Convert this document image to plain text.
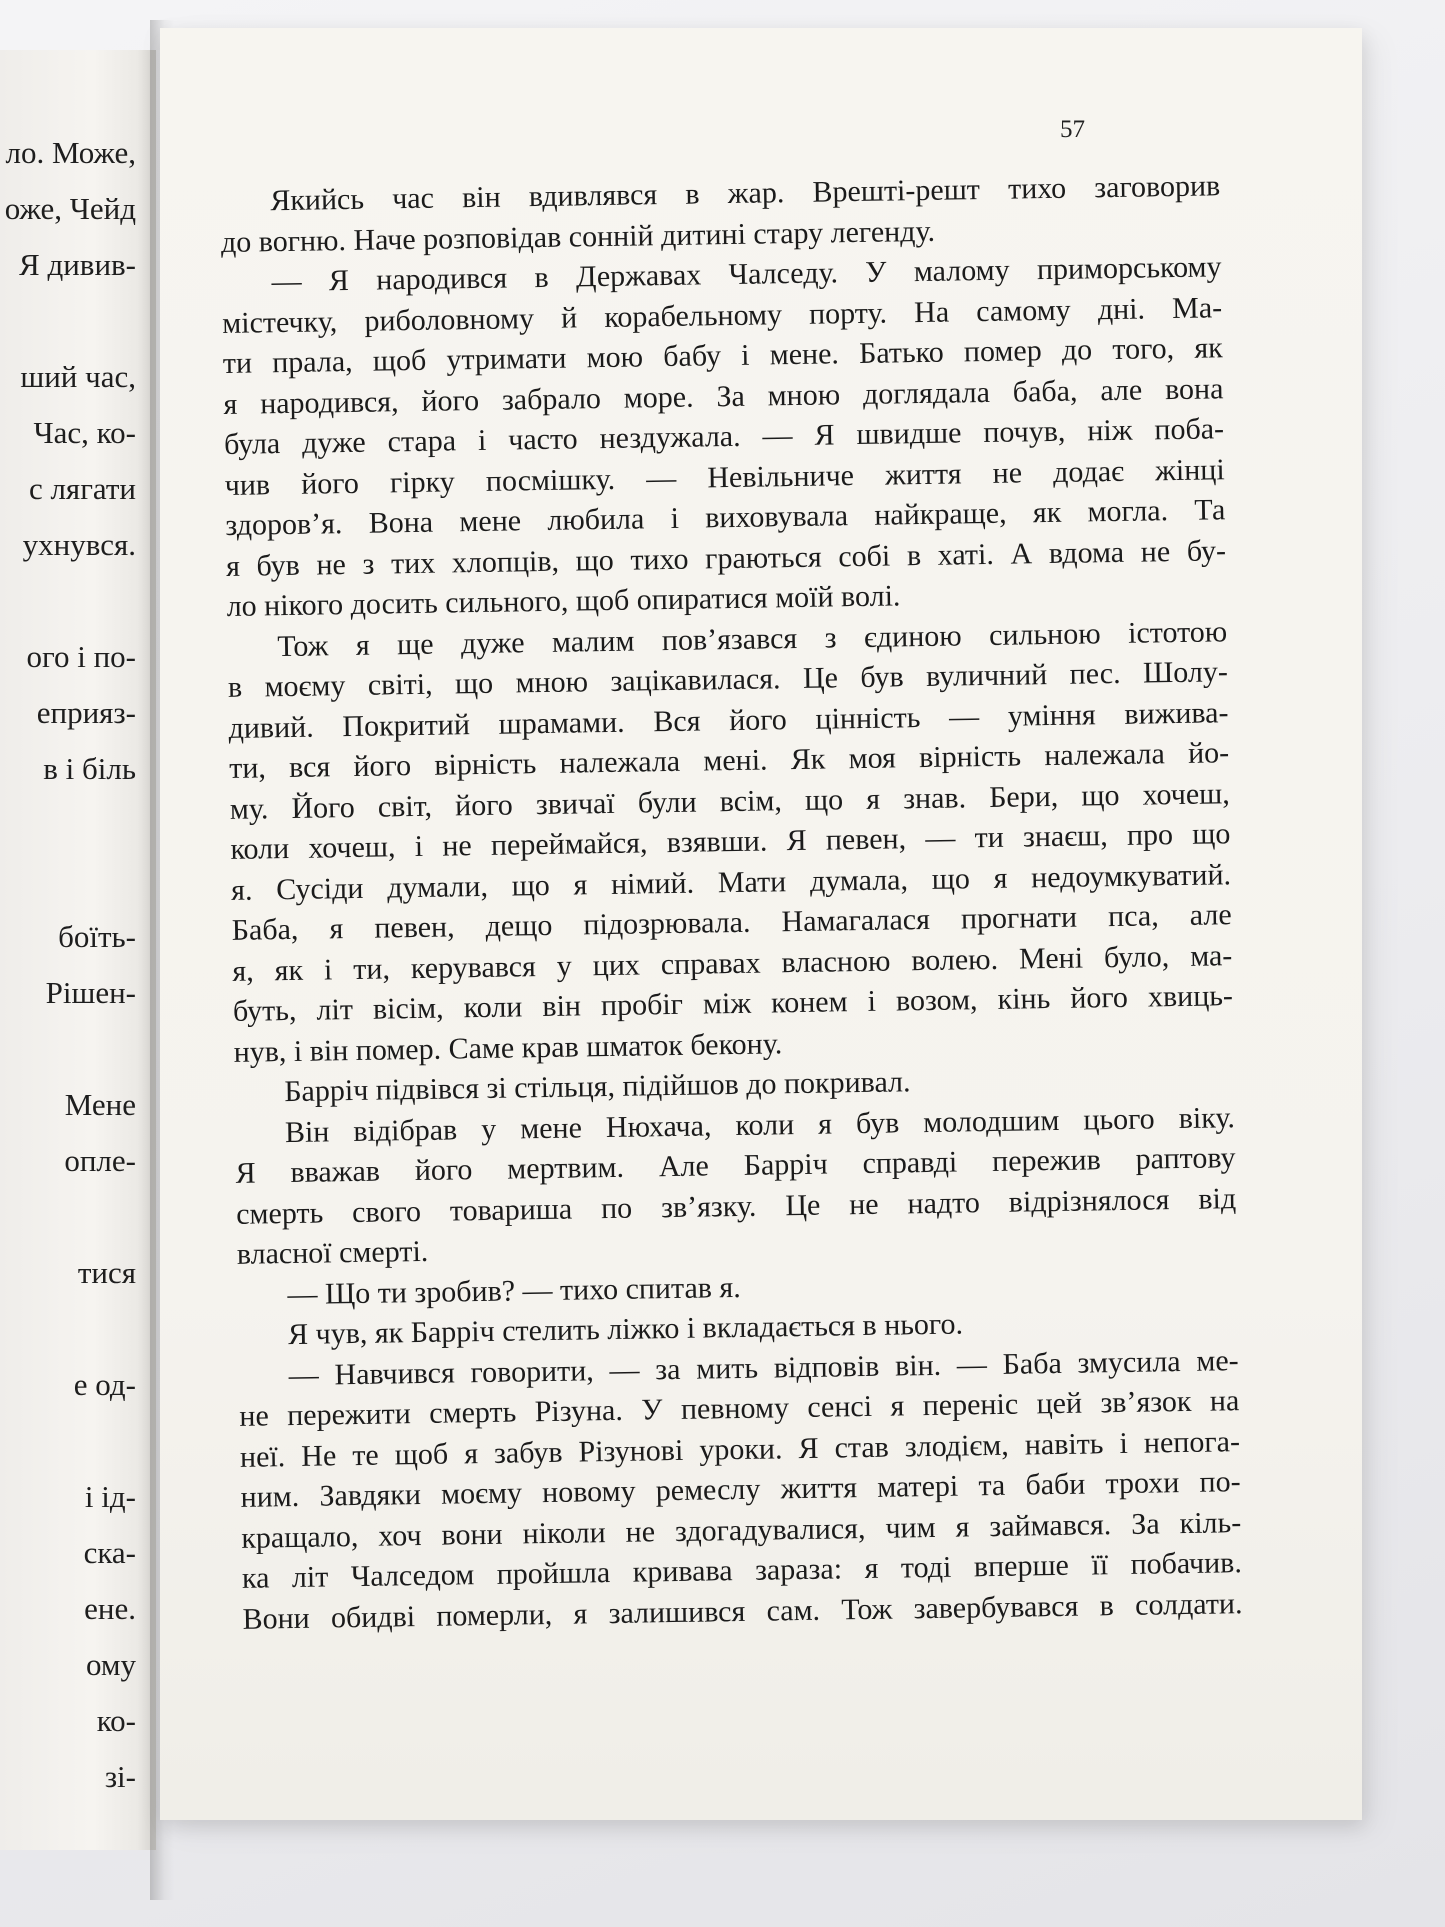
ло. Може,
оже, Чейд
Я дивив-
ший час,
Час, ко-
с лягати
ухнувся.
ого і по-
еприяз-
в і біль
боїть-
Рішен-
Мене
опле-
тися
е од-
і ід-
ска-
ене.
ому
ко-
зі-
57
Якийсь час він вдивлявся в жар. Врешті-решт тихо заговорив
до вогню. Наче розповідав сонній дитині стару легенду.
— Я народився в Державах Чалседу. У малому приморському
містечку, риболовному й корабельному порту. На самому дні. Ма-
ти прала, щоб утримати мою бабу і мене. Батько помер до того, як
я народився, його забрало море. За мною доглядала баба, але вона
була дуже стара і часто нездужала. — Я швидше почув, ніж поба-
чив його гірку посмішку. — Невільниче життя не додає жінці
здоров’я. Вона мене любила і виховувала найкраще, як могла. Та
я був не з тих хлопців, що тихо граються собі в хаті. А вдома не бу-
ло нікого досить сильного, щоб опиратися моїй волі.
Тож я ще дуже малим пов’язався з єдиною сильною істотою
в моєму світі, що мною зацікавилася. Це був вуличний пес. Шолу-
дивий. Покритий шрамами. Вся його цінність — уміння вижива-
ти, вся його вірність належала мені. Як моя вірність належала йо-
му. Його світ, його звичаї були всім, що я знав. Бери, що хочеш,
коли хочеш, і не переймайся, взявши. Я певен, — ти знаєш, про що
я. Сусіди думали, що я німий. Мати думала, що я недоумкуватий.
Баба, я певен, дещо підозрювала. Намагалася прогнати пса, але
я, як і ти, керувався у цих справах власною волею. Мені було, ма-
буть, літ вісім, коли він пробіг між конем і возом, кінь його хвиць-
нув, і він помер. Саме крав шматок бекону.
Барріч підвівся зі стільця, підійшов до покривал.
Він відібрав у мене Нюхача, коли я був молодшим цього віку.
Я вважав його мертвим. Але Барріч справді пережив раптову
смерть свого товариша по зв’язку. Це не надто відрізнялося від
власної смерті.
— Що ти зробив? — тихо спитав я.
Я чув, як Барріч стелить ліжко і вкладається в нього.
— Навчився говорити, — за мить відповів він. — Баба змусила ме-
не пережити смерть Різуна. У певному сенсі я переніс цей зв’язок на
неї. Не те щоб я забув Різунові уроки. Я став злодієм, навіть і непога-
ним. Завдяки моєму новому ремеслу життя матері та баби трохи по-
кращало, хоч вони ніколи не здогадувалися, чим я займався. За кіль-
ка літ Чалседом пройшла кривава зараза: я тоді вперше її побачив.
Вони обидві померли, я залишився сам. Тож завербувався в солдати.
